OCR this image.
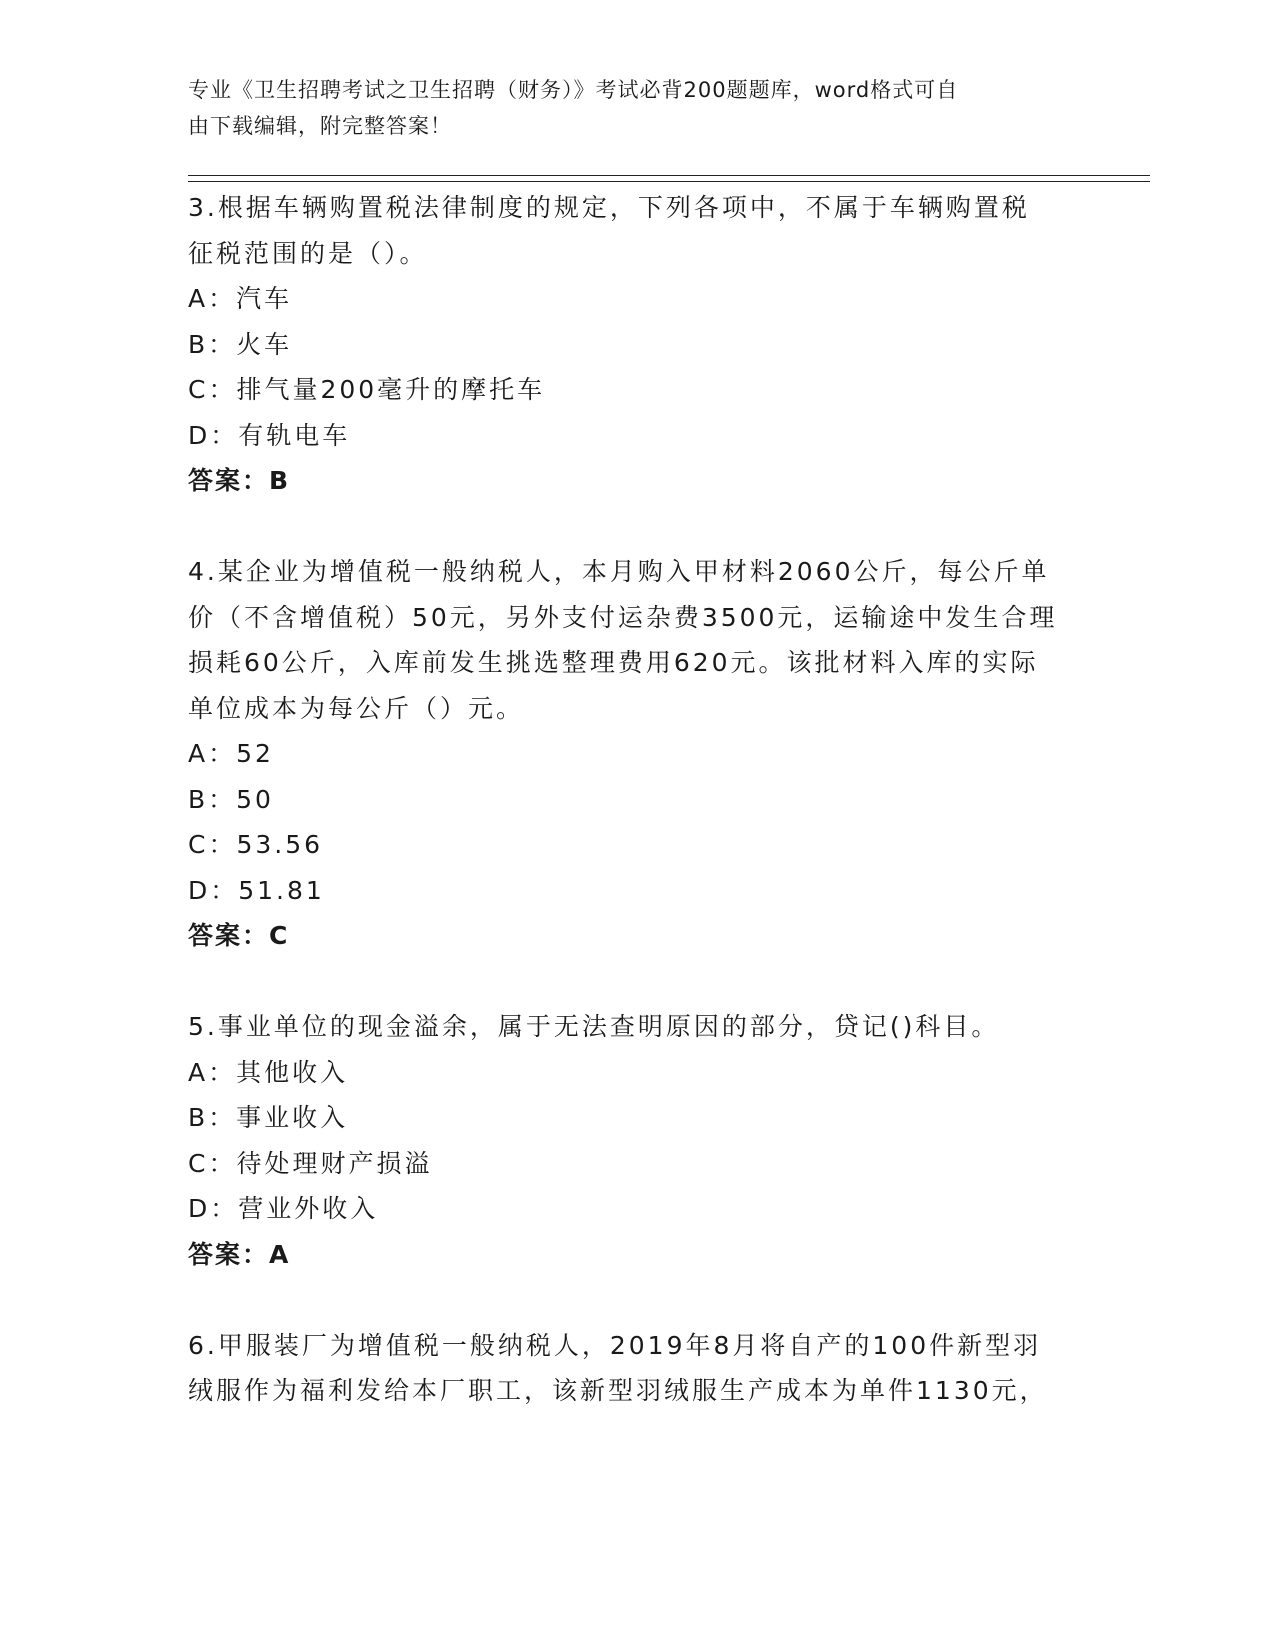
专业《卫生招聘考试之卫生招聘（财务）》考试必背200题题库，word格式可自
由下载编辑，附完整答案！

3.根据车辆购置税法律制度的规定，下列各项中，不属于车辆购置税

征税范围的是（）。

A：汽车

B：火车

C：排气量200毫升的摩托车

D：有轨电车

答案：B

4.某企业为增值税一般纳税人，本月购入甲材料2060公斤，每公斤单

价（不含增值税）50元，另外支付运杂费3500元，运输途中发生合理

损耗60公斤，入库前发生挑选整理费用620元。该批材料入库的实际

单位成本为每公斤（）元。

A：52

B：50

C：53.56

D：51.81

答案：C

5.事业单位的现金溢余，属于无法查明原因的部分，贷记()科目。

A：其他收入

B：事业收入

C：待处理财产损溢

D：营业外收入

答案：A

6.甲服装厂为增值税一般纳税人，2019年8月将自产的100件新型羽

绒服作为福利发给本厂职工，该新型羽绒服生产成本为单件1130元，
